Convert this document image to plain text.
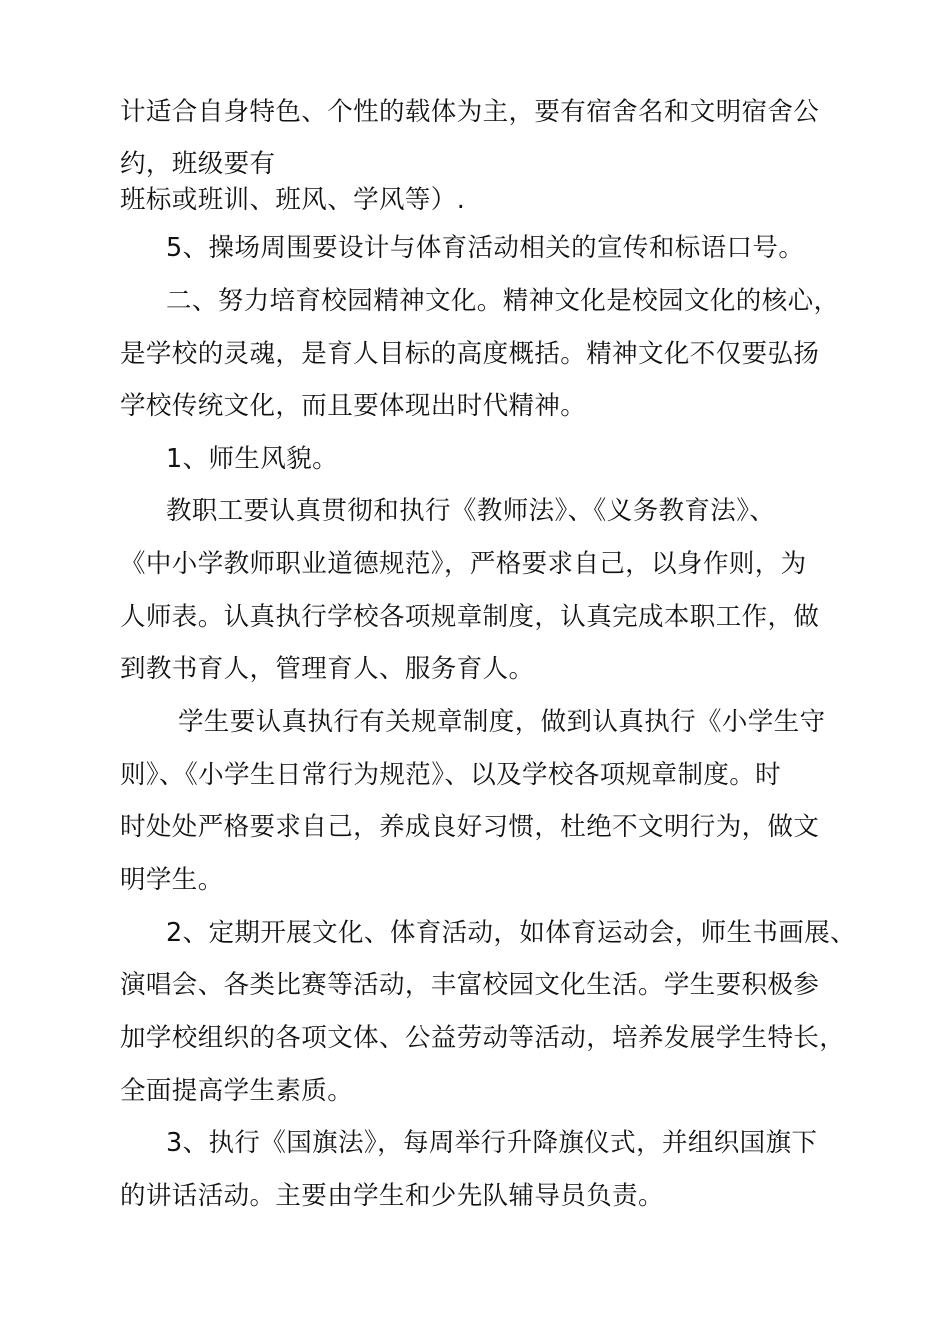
计适合自身特色、个性的载体为主，要有宿舍名和文明宿舍公
约，班级要有
班标或班训、班风、学风等）.
5、操场周围要设计与体育活动相关的宣传和标语口号。
二、努力培育校园精神文化。精神文化是校园文化的核心，
是学校的灵魂，是育人目标的高度概括。精神文化不仅要弘扬
学校传统文化，而且要体现出时代精神。
1、师生风貌。
教职工要认真贯彻和执行《教师法》、《义务教育法》、
《中小学教师职业道德规范》，严格要求自己，以身作则，为
人师表。认真执行学校各项规章制度，认真完成本职工作，做
到教书育人，管理育人、服务育人。
学生要认真执行有关规章制度，做到认真执行《小学生守
则》、《小学生日常行为规范》、以及学校各项规章制度。时
时处处严格要求自己，养成良好习惯，杜绝不文明行为，做文
明学生。
2、定期开展文化、体育活动，如体育运动会，师生书画展、
演唱会、各类比赛等活动，丰富校园文化生活。学生要积极参
加学校组织的各项文体、公益劳动等活动，培养发展学生特长，
全面提高学生素质。
3、执行《国旗法》，每周举行升降旗仪式，并组织国旗下
的讲话活动。主要由学生和少先队辅导员负责。
